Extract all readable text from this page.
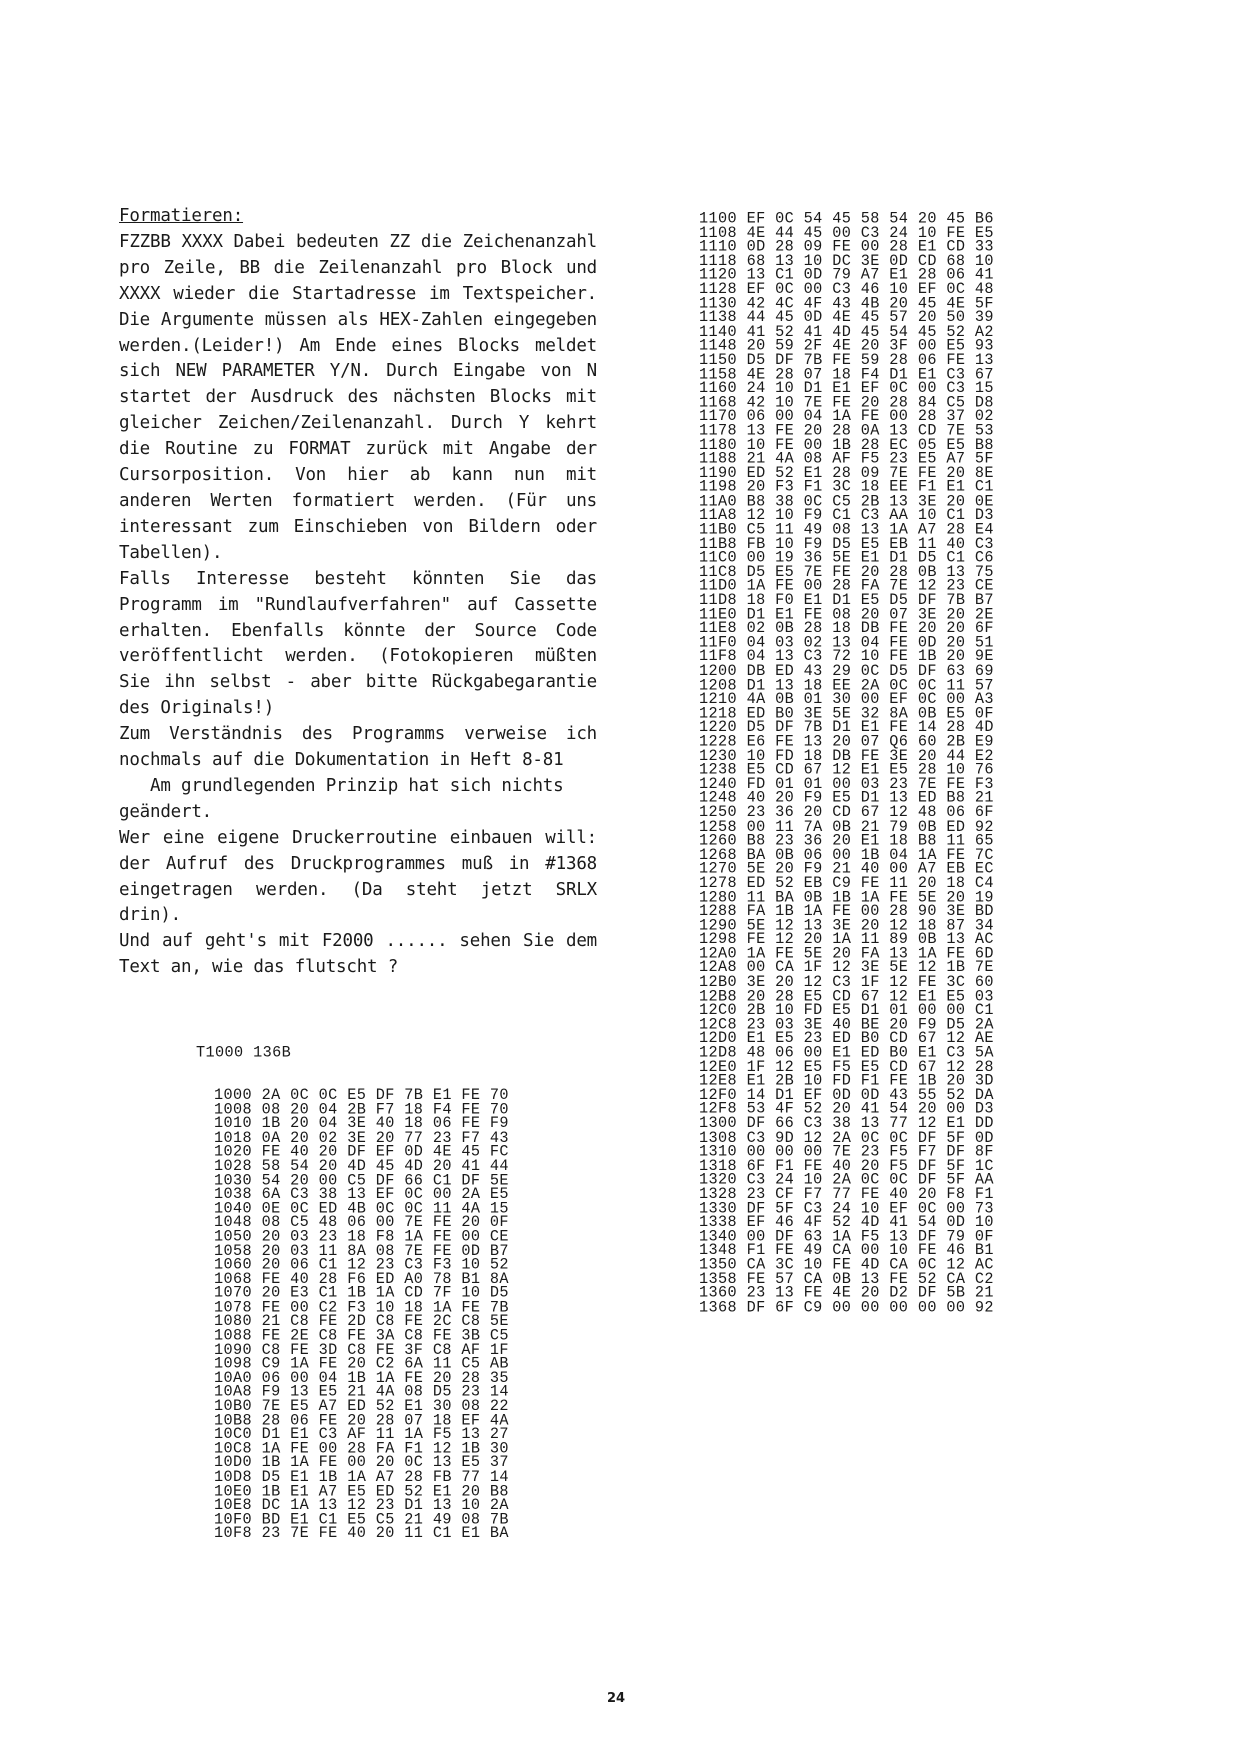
Formatieren:

FZZBB XXXX Dabei bedeuten ZZ die Zeichenanzahl pro Zeile, BB die Zeilenanzahl pro Block und XXXX wieder die Startadresse im Textspeicher. Die Argumente müssen als HEX-Zahlen eingegeben werden.(Leider!) Am Ende eines Blocks meldet sich NEW PARAMETER Y/N. Durch Eingabe von N startet der Ausdruck des nächsten Blocks mit gleicher Zeichen/Zeilenanzahl. Durch Y kehrt die Routine zu FORMAT zurück mit Angabe der Cursorposition. Von hier ab kann nun mit anderen Werten formatiert werden. (Für uns interessant zum Einschieben von Bildern oder Tabellen).

Falls Interesse besteht könnten Sie das Programm im "Rundlaufverfahren" auf Cassette erhalten. Ebenfalls könnte der Source Code veröffentlicht werden. (Fotokopieren müßten Sie ihn selbst - aber bitte Rückgabegarantie des Originals!)

Zum Verständnis des Programms verweise ich nochmals auf die Dokumentation in Heft 8-81

Am grundlegenden Prinzip hat sich nichts geändert.

Wer eine eigene Druckerroutine einbauen will: der Aufruf des Druckprogrammes muß in #1368 eingetragen werden. (Da steht jetzt SRLX drin).

Und auf geht's mit F2000 ...... sehen Sie dem Text an, wie das flutscht ?

T1000 136B

1000 2A 0C 0C E5 DF 7B E1 FE 70
1008 08 20 04 2B F7 18 F4 FE 70
1010 1B 20 04 3E 40 18 06 FE F9
1018 0A 20 02 3E 20 77 23 F7 43
1020 FE 40 20 DF EF 0D 4E 45 FC
1028 58 54 20 4D 45 4D 20 41 44
1030 54 20 00 C5 DF 66 C1 DF 5E
1038 6A C3 38 13 EF 0C 00 2A E5
1040 0E 0C ED 4B 0C 0C 11 4A 15
1048 08 C5 48 06 00 7E FE 20 0F
1050 20 03 23 18 F8 1A FE 00 CE
1058 20 03 11 8A 08 7E FE 0D B7
1060 20 06 C1 12 23 C3 F3 10 52
1068 FE 40 28 F6 ED A0 78 B1 8A
1070 20 E3 C1 1B 1A CD 7F 10 D5
1078 FE 00 C2 F3 10 18 1A FE 7B
1080 21 C8 FE 2D C8 FE 2C C8 5E
1088 FE 2E C8 FE 3A C8 FE 3B C5
1090 C8 FE 3D C8 FE 3F C8 AF 1F
1098 C9 1A FE 20 C2 6A 11 C5 AB
10A0 06 00 04 1B 1A FE 20 28 35
10A8 F9 13 E5 21 4A 08 D5 23 14
10B0 7E E5 A7 ED 52 E1 30 08 22
10B8 28 06 FE 20 28 07 18 EF 4A
10C0 D1 E1 C3 AF 11 1A F5 13 27
10C8 1A FE 00 28 FA F1 12 1B 30
10D0 1B 1A FE 00 20 0C 13 E5 37
10D8 D5 E1 1B 1A A7 28 FB 77 14
10E0 1B E1 A7 E5 ED 52 E1 20 B8
10E8 DC 1A 13 12 23 D1 13 10 2A
10F0 BD E1 C1 E5 C5 21 49 08 7B
10F8 23 7E FE 40 20 11 C1 E1 BA
1100 EF 0C 54 45 58 54 20 45 B6
1108 4E 44 45 00 C3 24 10 FE E5
1110 0D 28 09 FE 00 28 E1 CD 33
1118 68 13 10 DC 3E 0D CD 68 10
1120 13 C1 0D 79 A7 E1 28 06 41
1128 EF 0C 00 C3 46 10 EF 0C 48
1130 42 4C 4F 43 4B 20 45 4E 5F
1138 44 45 0D 4E 45 57 20 50 39
1140 41 52 41 4D 45 54 45 52 A2
1148 20 59 2F 4E 20 3F 00 E5 93
1150 D5 DF 7B FE 59 28 06 FE 13
1158 4E 28 07 18 F4 D1 E1 C3 67
1160 24 10 D1 E1 EF 0C 00 C3 15
1168 42 10 7E FE 20 28 84 C5 D8
1170 06 00 04 1A FE 00 28 37 02
1178 13 FE 20 28 0A 13 CD 7E 53
1180 10 FE 00 1B 28 EC 05 E5 B8
1188 21 4A 08 AF F5 23 E5 A7 5F
1190 ED 52 E1 28 09 7E FE 20 8E
1198 20 F3 F1 3C 18 EE F1 E1 C1
11A0 B8 38 0C C5 2B 13 3E 20 0E
11A8 12 10 F9 C1 C3 AA 10 C1 D3
11B0 C5 11 49 08 13 1A A7 28 E4
11B8 FB 10 F9 D5 E5 EB 11 40 C3
11C0 00 19 36 5E E1 D1 D5 C1 C6
11C8 D5 E5 7E FE 20 28 0B 13 75
11D0 1A FE 00 28 FA 7E 12 23 CE
11D8 18 F0 E1 D1 E5 D5 DF 7B B7
11E0 D1 E1 FE 08 20 07 3E 20 2E
11E8 02 0B 28 18 DB FE 20 20 6F
11F0 04 03 02 13 04 FE 0D 20 51
11F8 04 13 C3 72 10 FE 1B 20 9E
1200 DB ED 43 29 0C D5 DF 63 69
1208 D1 13 18 EE 2A 0C 0C 11 57
1210 4A 0B 01 30 00 EF 0C 00 A3
1218 ED B0 3E 5E 32 8A 0B E5 0F
1220 D5 DF 7B D1 E1 FE 14 28 4D
1228 E6 FE 13 20 07 Q6 60 2B E9
1230 10 FD 18 DB FE 3E 20 44 E2
1238 E5 CD 67 12 E1 E5 28 10 76
1240 FD 01 01 00 03 23 7E FE F3
1248 40 20 F9 E5 D1 13 ED B8 21
1250 23 36 20 CD 67 12 48 06 6F
1258 00 11 7A 0B 21 79 0B ED 92
1260 B8 23 36 20 E1 18 B8 11 65
1268 BA 0B 06 00 1B 04 1A FE 7C
1270 5E 20 F9 21 40 00 A7 EB EC
1278 ED 52 EB C9 FE 11 20 18 C4
1280 11 BA 0B 1B 1A FE 5E 20 19
1288 FA 1B 1A FE 00 28 90 3E BD
1290 5E 12 13 3E 20 12 18 87 34
1298 FE 12 20 1A 11 89 0B 13 AC
12A0 1A FE 5E 20 FA 13 1A FE 6D
12A8 00 CA 1F 12 3E 5E 12 1B 7E
12B0 3E 20 12 C3 1F 12 FE 3C 60
12B8 20 28 E5 CD 67 12 E1 E5 03
12C0 2B 10 FD E5 D1 01 00 00 C1
12C8 23 03 3E 40 BE 20 F9 D5 2A
12D0 E1 E5 23 ED B0 CD 67 12 AE
12D8 48 06 00 E1 ED B0 E1 C3 5A
12E0 1F 12 E5 F5 E5 CD 67 12 28
12E8 E1 2B 10 FD F1 FE 1B 20 3D
12F0 14 D1 EF 0D 0D 43 55 52 DA
12F8 53 4F 52 20 41 54 20 00 D3
1300 DF 66 C3 38 13 77 12 E1 DD
1308 C3 9D 12 2A 0C 0C DF 5F 0D
1310 00 00 00 7E 23 F5 F7 DF 8F
1318 6F F1 FE 40 20 F5 DF 5F 1C
1320 C3 24 10 2A 0C 0C DF 5F AA
1328 23 CF F7 77 FE 40 20 F8 F1
1330 DF 5F C3 24 10 EF 0C 00 73
1338 EF 46 4F 52 4D 41 54 0D 10
1340 00 DF 63 1A F5 13 DF 79 0F
1348 F1 FE 49 CA 00 10 FE 46 B1
1350 CA 3C 10 FE 4D CA 0C 12 AC
1358 FE 57 CA 0B 13 FE 52 CA C2
1360 23 13 FE 4E 20 D2 DF 5B 21
1368 DF 6F C9 00 00 00 00 00 92
24
